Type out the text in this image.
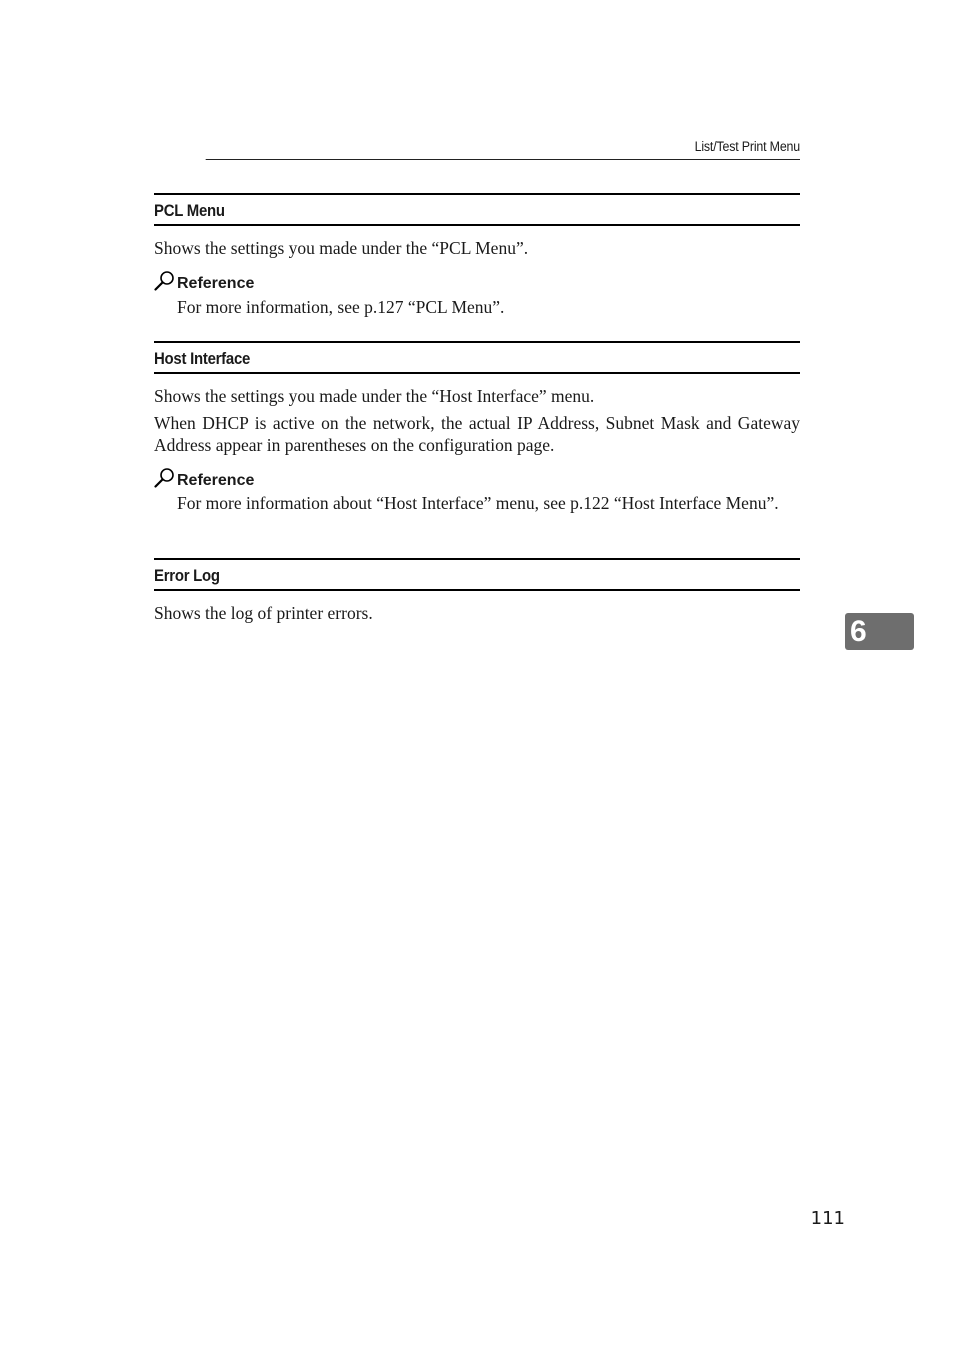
List/Test Print Menu
PCL Menu
Shows the settings you made under the “PCL Menu”.
Reference
For more information, see p.127 “PCL Menu”.
Host Interface
Shows the settings you made under the “Host Interface” menu.
When DHCP is active on the network, the actual IP Address, Subnet Mask and Gateway Address appear in parentheses on the configuration page.
Reference
For more information about “Host Interface” menu, see p.122 “Host Interface Menu”.
Error Log
Shows the log of printer errors.
6
111
